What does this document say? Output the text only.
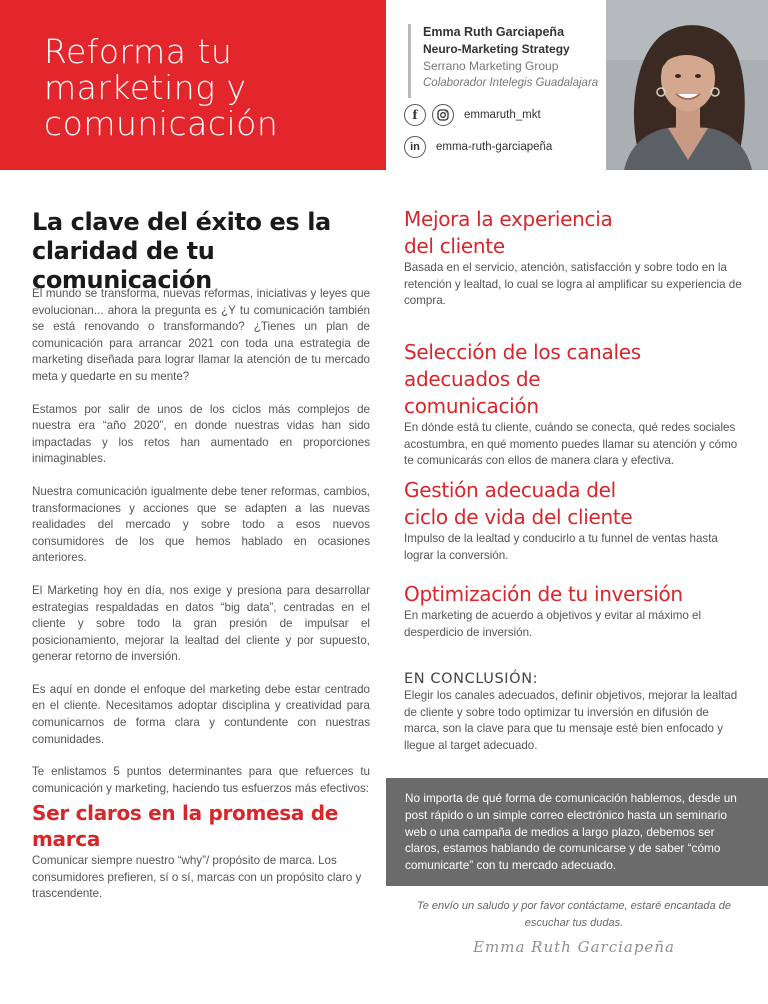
Reforma tu
marketing y
comunicación
Emma Ruth Garciapeña
Neuro-Marketing Strategy
Serrano Marketing Group
Colaborador Intelegis Guadalajara
f	emmaruth_mkt
in	emma-ruth-garciapeña
La clave del éxito es la claridad de tu comunicación

El mundo se transforma, nuevas reformas, iniciativas y leyes que evolucionan... ahora la pregunta es ¿Y tu comunicación también se está renovando o transformando? ¿Tienes un plan de comunicación para arrancar 2021 con toda una estrategia de marketing diseñada para lograr llamar la atención de tu mercado meta y quedarte en su mente?

Estamos por salir de unos de los ciclos más complejos de nuestra era “año 2020”, en donde nuestras vidas han sido impactadas y los retos han aumentado en proporciones inimaginables.

Nuestra comunicación igualmente debe tener reformas, cambios, transformaciones y acciones que se adapten a las nuevas realidades del mercado y sobre todo a esos nuevos consumidores de los que hemos hablado en ocasiones anteriores.

El Marketing hoy en día, nos exige y presiona para desarrollar estrategias respaldadas en datos “big data”, centradas en el cliente y sobre todo la gran presión de impulsar el posicionamiento, mejorar la lealtad del cliente y por supuesto, generar retorno de inversión.

Es aquí en donde el enfoque del marketing debe estar centrado en el cliente. Necesitamos adoptar disciplina y creatividad para comunicarnos de forma clara y contundente con nuestras comunidades.

Te enlistamos 5 puntos determinantes para que refuerces tu comunicación y marketing, haciendo tus esfuerzos más efectivos:

Ser claros en la promesa de marca

Comunicar siempre nuestro “why”/ propósito de marca. Los consumidores prefieren, sí o sí, marcas con un propósito claro y trascendente.

Mejora la experiencia del cliente

Basada en el servicio, atención, satisfacción y sobre todo en la retención y lealtad, lo cual se logra al amplificar su experiencia de compra.

Selección de los canales adecuados de comunicación

En dónde está tu cliente, cuándo se conecta, qué redes sociales acostumbra, en qué momento puedes llamar su atención y cómo te comunicarás con ellos de manera clara y efectiva.

Gestión adecuada del ciclo de vida del cliente

Impulso de la lealtad y conducirlo a tu funnel de ventas hasta lograr la conversión.

Optimización de tu inversión

En marketing de acuerdo a objetivos y evitar al máximo el desperdicio de inversión.

EN CONCLUSIÓN:

Elegir los canales adecuados, definir objetivos, mejorar la lealtad de cliente y sobre todo optimizar tu inversión en difusión de marca, son la clave para que tu mensaje esté bien enfocado y llegue al target adecuado.

No importa de qué forma de comunicación hablemos, desde un post rápido o un simple correo electrónico hasta un seminario web o una campaña de medios a largo plazo, debemos ser claros, estamos hablando de comunicarse y de saber “cómo comunicarte” con tu mercado adecuado.

Te envío un saludo y por favor contáctame, estaré encantada de escuchar tus dudas.

Emma Ruth Garciapeña
